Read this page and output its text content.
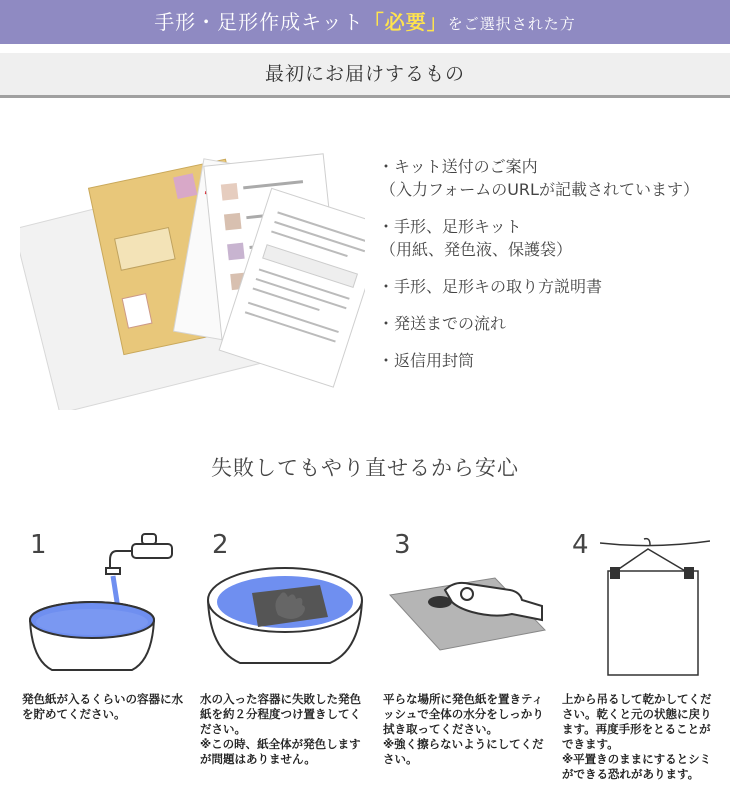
手形・足形作成キット「必要」をご選択された方
最初にお届けするもの
・キット送付のご案内
（入力フォームのURLが記載されています）
・手形、足形キット
（用紙、発色液、保護袋）
・手形、足形キの取り方説明書
・発送までの流れ
・返信用封筒
失敗してもやり直せるから安心
1
発色紙が入るくらいの容器に水を貯めてください。
2
水の入った容器に失敗した発色紙を約２分程度つけ置きしてください。
※この時、紙全体が発色しますが問題はありません。
3
平らな場所に発色紙を置きティッシュで全体の水分をしっかり拭き取ってください。
※強く擦らないようにしてください。
4
上から吊るして乾かしてください。乾くと元の状態に戻ります。再度手形をとることができます。
※平置きのままにするとシミができる恐れがあります。
